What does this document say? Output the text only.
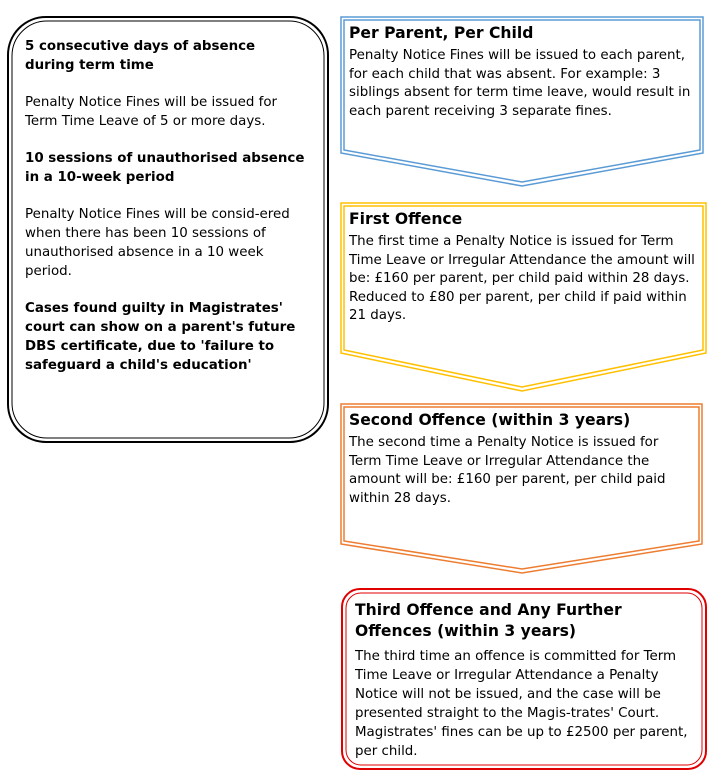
5 consecutive days of absence during term time

Penalty Notice Fines will be issued for Term Time Leave of 5 or more days.

10 sessions of unauthorised absence in a 10-week period

Penalty Notice Fines will be consid-ered when there has been 10 sessions of unauthorised absence in a 10 week period.

Cases found guilty in Magistrates' court can show on a parent's future DBS certificate, due to 'failure to safeguard a child's education'

Per Parent, Per Child

Penalty Notice Fines will be issued to each parent, for each child that was absent. For example: 3 siblings absent for term time leave, would result in each parent receiving 3 separate fines.

First Offence

The first time a Penalty Notice is issued for Term Time Leave or Irregular Attendance the amount will be: £160 per parent, per child paid within 28 days. Reduced to £80 per parent, per child if paid within 21 days.

Second Offence (within 3 years)

The second time a Penalty Notice is issued for Term Time Leave or Irregular Attendance the amount will be: £160 per parent, per child paid within 28 days.

Third Offence and Any Further Offences (within 3 years)

The third time an offence is committed for Term Time Leave or Irregular Attendance a Penalty Notice will not be issued, and the case will be presented straight to the Magis-trates' Court. Magistrates' fines can be up to £2500 per parent, per child.
